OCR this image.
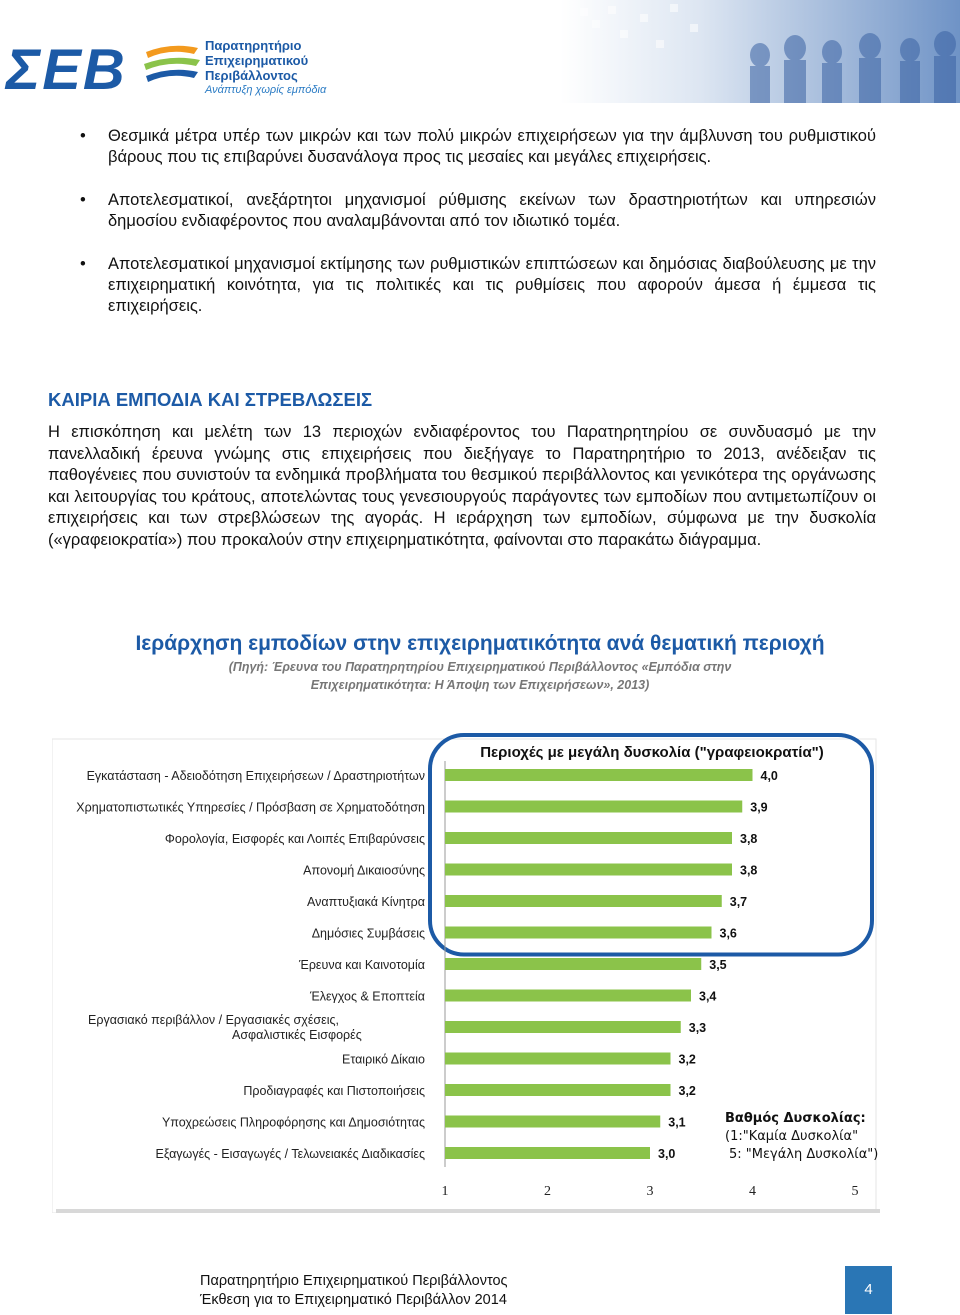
ΣΕΒ	Παρατηρητήριο
Επιχειρηματικού
Περιβάλλοντος
Ανάπτυξη χωρίς εμπόδια
• Θεσμικά μέτρα υπέρ των μικρών και των πολύ μικρών επιχειρήσεων για την άμβλυνση του ρυθμιστικού βάρους που τις επιβαρύνει δυσανάλογα προς τις μεσαίες και μεγάλες επιχειρήσεις.
• Αποτελεσματικοί, ανεξάρτητοι μηχανισμοί ρύθμισης εκείνων των δραστηριοτήτων και υπηρεσιών δημοσίου ενδιαφέροντος που αναλαμβάνονται από τον ιδιωτικό τομέα.
• Αποτελεσματικοί μηχανισμοί εκτίμησης των ρυθμιστικών επιπτώσεων και δημόσιας διαβούλευσης με την επιχειρηματική κοινότητα, για τις πολιτικές και τις ρυθμίσεις που αφορούν άμεσα ή έμμεσα τις επιχειρήσεις.
ΚΑΙΡΙΑ ΕΜΠΟΔΙΑ ΚΑΙ ΣΤΡΕΒΛΩΣΕΙΣ
Η επισκόπηση και μελέτη των 13 περιοχών ενδιαφέροντος του Παρατηρητηρίου σε συνδυασμό με την πανελλαδική έρευνα γνώμης στις επιχειρήσεις που διεξήγαγε το Παρατηρητήριο το 2013, ανέδειξαν τις παθογένειες που συνιστούν τα ενδημικά προβλήματα του θεσμικού περιβάλλοντος και γενικότερα της οργάνωσης και λειτουργίας του κράτους, αποτελώντας τους γενεσιουργούς παράγοντες των εμποδίων που αντιμετωπίζουν οι επιχειρήσεις και των στρεβλώσεων της αγοράς. Η ιεράρχηση των εμποδίων, σύμφωνα με την δυσκολία («γραφειοκρατία») που προκαλούν στην επιχειρηματικότητα, φαίνονται στο παρακάτω διάγραμμα.
Ιεράρχηση εμποδίων στην επιχειρηματικότητα ανά θεματική περιοχή
(Πηγή: Έρευνα του Παρατηρητηρίου Επιχειρηματικού Περιβάλλοντος «Εμπόδια στην
Επιχειρηματικότητα: Η Άποψη των Επιχειρήσεων», 2013)
Περιοχές με μεγάλη δυσκολία ("γραφειοκρατία")
4,0
Εγκατάσταση - Αδειοδότηση Επιχειρήσεων / Δραστηριοτήτων
3,9
Χρηματοπιστωτικές Υπηρεσίες / Πρόσβαση σε Χρηματοδότηση
3,8
Φορολογία, Εισφορές και Λοιπές Επιβαρύνσεις
3,8
Απονομή Δικαιοσύνης
3,7
Αναπτυξιακά Κίνητρα
3,6
Δημόσιες Συμβάσεις
3,5
Έρευνα και Καινοτομία
3,4
Έλεγχος & Εποπτεία
3,3
Εργασιακό περιβάλλον / Εργασιακές σχέσεις, Ασφαλιστικές Εισφορές
3,2
Εταιρικό Δίκαιο
3,2
Προδιαγραφές και Πιστοποιήσεις
3,1
Υποχρεώσεις Πληροφόρησης και Δημοσιότητας
3,0
Εξαγωγές - Εισαγωγές / Τελωνειακές Διαδικασίες
1	2	3	4	5
Βαθμός Δυσκολίας:
(1:"Καμία Δυσκολία"
5: "Μεγάλη Δυσκολία")
Παρατηρητήριο Επιχειρηματικού Περιβάλλοντος
Έκθεση για το Επιχειρηματικό Περιβάλλον 2014
4
